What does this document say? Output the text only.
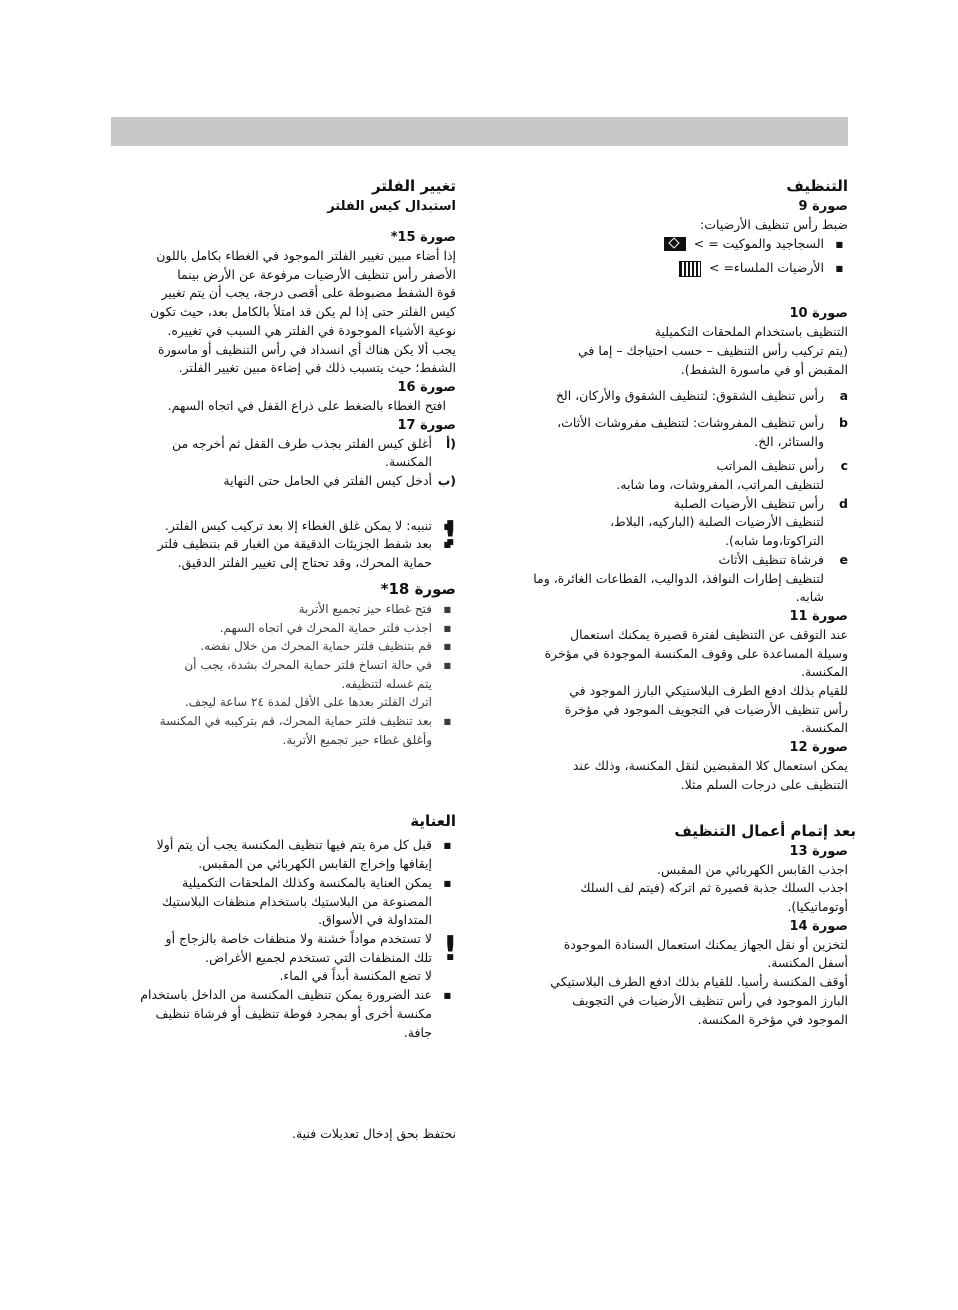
التنظيف
صورة 9
ضبط رأس تنظيف الأرضيات:
■ السجاجيد والموكيت = >
■ الأرضيات الملساء= >
صورة 10
التنظيف باستخدام الملحقات التكميلية
(يتم تركيب رأس التنظيف – حسب احتياجك – إما في
المقبض أو في ماسورة الشفط).
a
رأس تنظيف الشقوق: لتنظيف الشقوق والأركان، الخ
b
رأس تنظيف المفروشات: لتنظيف مفروشات الأثاث،
والستائر، الخ.
c
رأس تنظيف المراتب
لتنظيف المراتب، المفروشات، وما شابه.
d
رأس تنظيف الأرضيات الصلبة
لتنظيف الأرضيات الصلبة (الباركيه، البلاط،
التراكوتا،وما شابه).
e
فرشاة تنظيف الأثاث
لتنظيف إطارات النوافذ، الدواليب، القطاعات الغائرة، وما
شابه.
صورة 11
عند التوقف عن التنظيف لفترة قصيرة يمكنك استعمال
وسيلة المساعدة على وقوف المكنسة الموجودة في مؤخرة
المكنسة.
للقيام بذلك ادفع الطرف البلاستيكي البارز الموجود في
رأس تنظيف الأرضيات في التجويف الموجود في مؤخرة
المكنسة.
صورة 12
يمكن استعمال كلا المقبضين لنقل المكنسة، وذلك عند
التنظيف على درجات السلم مثلا.
بعد إتمام أعمال التنظيف
صورة 13
اجذب القابس الكهربائي من المقبس.
اجذب السلك جذبة قصيرة ثم اتركه (فيتم لف السلك
أوتوماتيكيا).
صورة 14
لتخزين أو نقل الجهاز يمكنك استعمال السنادة الموجودة
أسفل المكنسة.
أوقف المكنسة رأسيا. للقيام بذلك ادفع الطرف البلاستيكي
البارز الموجود في رأس تنظيف الأرضيات في التجويف
الموجود في مؤخرة المكنسة.
تغيير الفلتر
استبدال كيس الفلتر
صورة 15*
إذا أضاء مبين تغيير الفلتر الموجود في الغطاء بكامل باللون
الأصفر رأس تنظيف الأرضيات مرفوعة عن الأرض بينما
قوة الشفط مضبوطة على أقصى درجة، يجب أن يتم تغيير
كيس الفلتر حتى إذا لم يكن قد امتلأ بالكامل بعد، حيث تكون
نوعية الأشياء الموجودة في الفلتر هي السبب في تغييره.
يجب ألا يكن هناك أي انسداد في رأس التنظيف أو ماسورة
الشفط؛ حيث يتسبب ذلك في إضاءة مبين تغيير الفلتر.
صورة 16
افتح الغطاء بالضغط على ذراع القفل في اتجاه السهم.
صورة 17
أ)
أغلق كيس الفلتر بجذب طرف القفل ثم أخرجه من
المكنسة.
ب)
أدخل كيس الفلتر في الحامل حتى النهاية
!
■ تنبيه: لا يمكن غلق الغطاء إلا بعد تركيب كيس الفلتر.
■ بعد شفط الجزيئات الدقيقة من الغبار قم بتنظيف فلتر
حماية المحرك، وقد تحتاج إلى تغيير الفلتر الدقيق.
صورة 18*
■ فتح غطاء حيز تجميع الأتربة
■ اجذب فلتر حماية المحرك في اتجاه السهم.
■ قم بتنظيف فلتر حماية المحرك من خلال نفضه.
■ في حالة اتساخ فلتر حماية المحرك بشدة، يجب أن
يتم غسله لتنظيفه.
اترك الفلتر بعدها على الأقل لمدة ٢٤ ساعة ليجف.
■ بعد تنظيف فلتر حماية المحرك، قم بتركيبه في المكنسة
وأغلق غطاء حيز تجميع الأتربة.
العناية
■ قبل كل مرة يتم فيها تنظيف المكنسة يجب أن يتم أولا
إيقافها وإخراج القابس الكهربائي من المقبس.
■ يمكن العناية بالمكنسة وكذلك الملحقات التكميلية
المصنوعة من البلاستيك باستخدام منظفات البلاستيك
المتداولة في الأسواق.
!
لا تستخدم مواداً خشنة ولا منظفات خاصة بالزجاج أو
تلك المنظفات التي تستخدم لجميع الأغراض.
لا تضع المكنسة أبداً في الماء.
■ عند الضرورة يمكن تنظيف المكنسة من الداخل باستخدام
مكنسة أخرى أو بمجرد فوطة تنظيف أو فرشاة تنظيف
جافة.
نحتفظ بحق إدخال تعديلات فنية.
